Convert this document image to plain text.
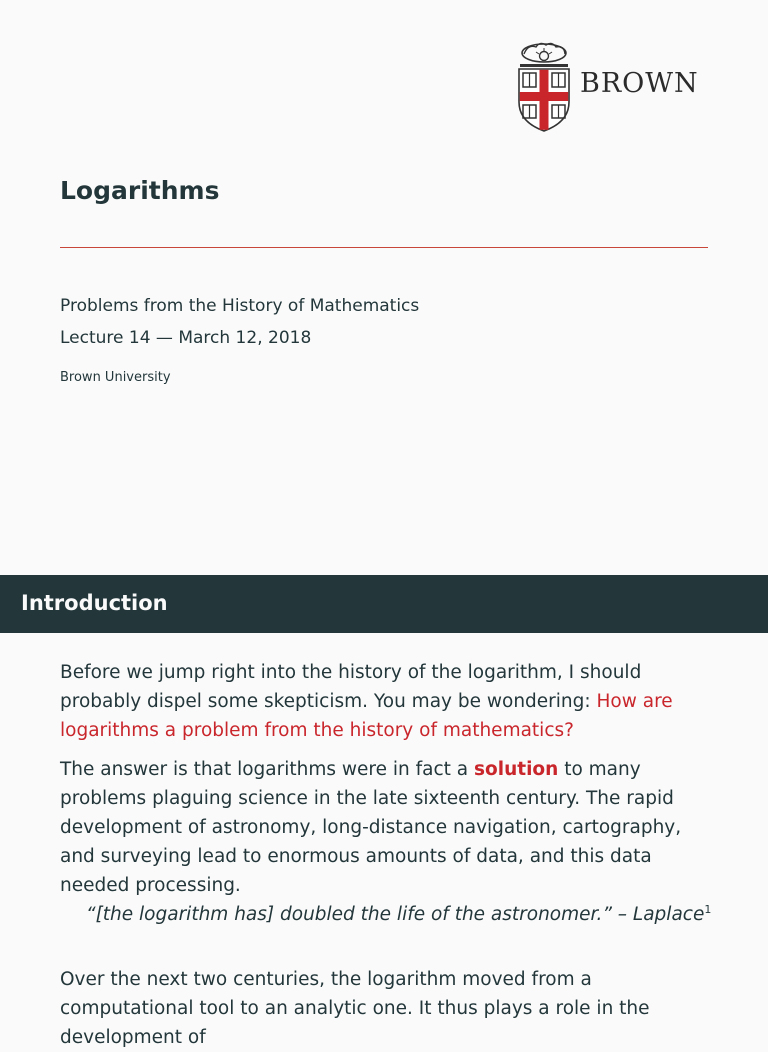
BROWN
Logarithms
Problems from the History of Mathematics
Lecture 14 — March 12, 2018
Brown University
Introduction

Before we jump right into the history of the logarithm, I should probably dispel some skepticism. You may be wondering: How are logarithms a problem from the history of mathematics?

The answer is that logarithms were in fact a solution to many problems plaguing science in the late sixteenth century. The rapid development of astronomy, long-distance navigation, cartography, and surveying lead to enormous amounts of data, and this data needed processing.

“[the logarithm has] doubled the life of the astronomer.” – Laplace$^1$

Over the next two centuries, the logarithm moved from a computational tool to an analytic one. It thus plays a role in the development of
